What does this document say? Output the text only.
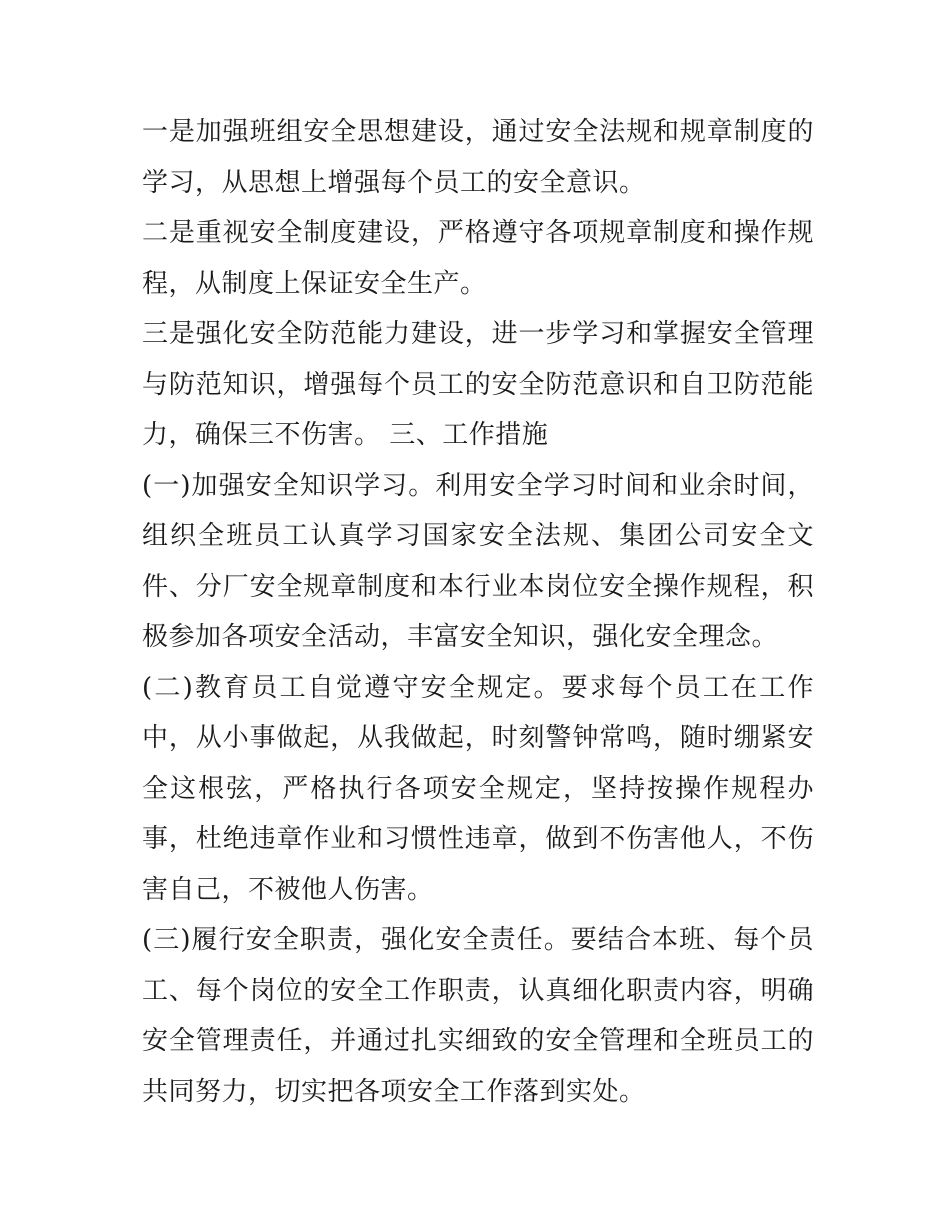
一是加强班组安全思想建设，通过安全法规和规章制度的学习，从思想上增强每个员工的安全意识。

二是重视安全制度建设，严格遵守各项规章制度和操作规程，从制度上保证安全生产。

三是强化安全防范能力建设，进一步学习和掌握安全管理与防范知识，增强每个员工的安全防范意识和自卫防范能力，确保三不伤害。 三、工作措施

(一)加强安全知识学习。利用安全学习时间和业余时间，组织全班员工认真学习国家安全法规、集团公司安全文件、分厂安全规章制度和本行业本岗位安全操作规程，积极参加各项安全活动，丰富安全知识，强化安全理念。

(二)教育员工自觉遵守安全规定。要求每个员工在工作中，从小事做起，从我做起，时刻警钟常鸣，随时绷紧安全这根弦，严格执行各项安全规定，坚持按操作规程办事，杜绝违章作业和习惯性违章，做到不伤害他人，不伤害自己，不被他人伤害。

(三)履行安全职责，强化安全责任。要结合本班、每个员工、每个岗位的安全工作职责，认真细化职责内容，明确安全管理责任，并通过扎实细致的安全管理和全班员工的共同努力，切实把各项安全工作落到实处。
